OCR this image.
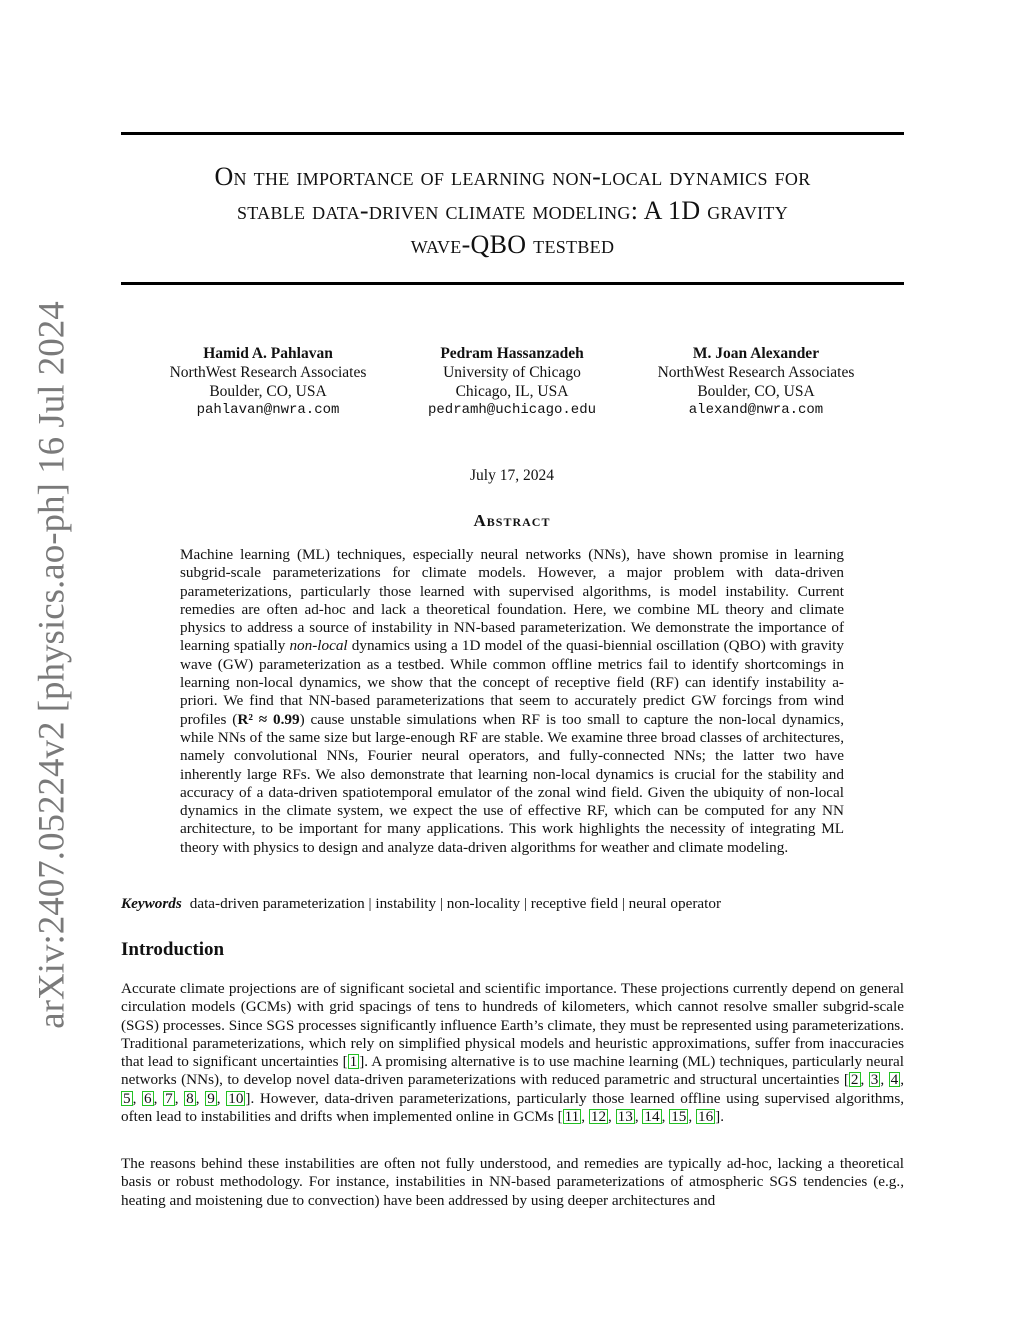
On the importance of learning non-local dynamics for
stable data-driven climate modeling: A 1D gravity
wave-QBO testbed
arXiv:2407.05224v2 [physics.ao-ph] 16 Jul 2024	Hamid A. Pahlavan
NorthWest Research Associates
Boulder, CO, USA
pahlavan@nwra.com
Pedram Hassanzadeh
University of Chicago
Chicago, IL, USA
pedramh@uchicago.edu
M. Joan Alexander
NorthWest Research Associates
Boulder, CO, USA
alexand@nwra.com
July 17, 2024
Abstract
Machine learning (ML) techniques, especially neural networks (NNs), have shown promise in learning subgrid-scale parameterizations for climate models. However, a major problem with data-driven parameterizations, particularly those learned with supervised algorithms, is model instability. Current remedies are often ad-hoc and lack a theoretical foundation. Here, we combine ML theory and climate physics to address a source of instability in NN-based parameterization. We demonstrate the importance of learning spatially non-local dynamics using a 1D model of the quasi-biennial oscillation (QBO) with gravity wave (GW) parameterization as a testbed. While common offline metrics fail to identify shortcomings in learning non-local dynamics, we show that the concept of receptive field (RF) can identify instability a-priori. We find that NN-based parameterizations that seem to accurately predict GW forcings from wind profiles (R² ≈ 0.99) cause unstable simulations when RF is too small to capture the non-local dynamics, while NNs of the same size but large-enough RF are stable. We examine three broad classes of architectures, namely convolutional NNs, Fourier neural operators, and fully-connected NNs; the latter two have inherently large RFs. We also demonstrate that learning non-local dynamics is crucial for the stability and accuracy of a data-driven spatiotemporal emulator of the zonal wind field. Given the ubiquity of non-local dynamics in the climate system, we expect the use of effective RF, which can be computed for any NN architecture, to be important for many applications. This work highlights the necessity of integrating ML theory with physics to design and analyze data-driven algorithms for weather and climate modeling.
Keywords data-driven parameterization | instability | non-locality | receptive field | neural operator
Introduction
Accurate climate projections are of significant societal and scientific importance. These projections currently depend on general circulation models (GCMs) with grid spacings of tens to hundreds of kilometers, which cannot resolve smaller subgrid-scale (SGS) processes. Since SGS processes significantly influence Earth’s climate, they must be represented using parameterizations. Traditional parameterizations, which rely on simplified physical models and heuristic approximations, suffer from inaccuracies that lead to significant uncertainties [ 1 ]. A promising alternative is to use machine learning (ML) techniques, particularly neural networks (NNs), to develop novel data-driven parameterizations with reduced parametric and structural uncertainties [ 2 , 3 , 4 , 5 , 6 , 7 , 8 , 9 , 10 ]. However, data-driven parameterizations, particularly those learned offline using supervised algorithms, often lead to instabilities and drifts when implemented online in GCMs [ 11 , 12 , 13 , 14 , 15 , 16 ].
The reasons behind these instabilities are often not fully understood, and remedies are typically ad-hoc, lacking a theoretical basis or robust methodology. For instance, instabilities in NN-based parameterizations of atmospheric SGS tendencies (e.g., heating and moistening due to convection) have been addressed by using deeper architectures and
